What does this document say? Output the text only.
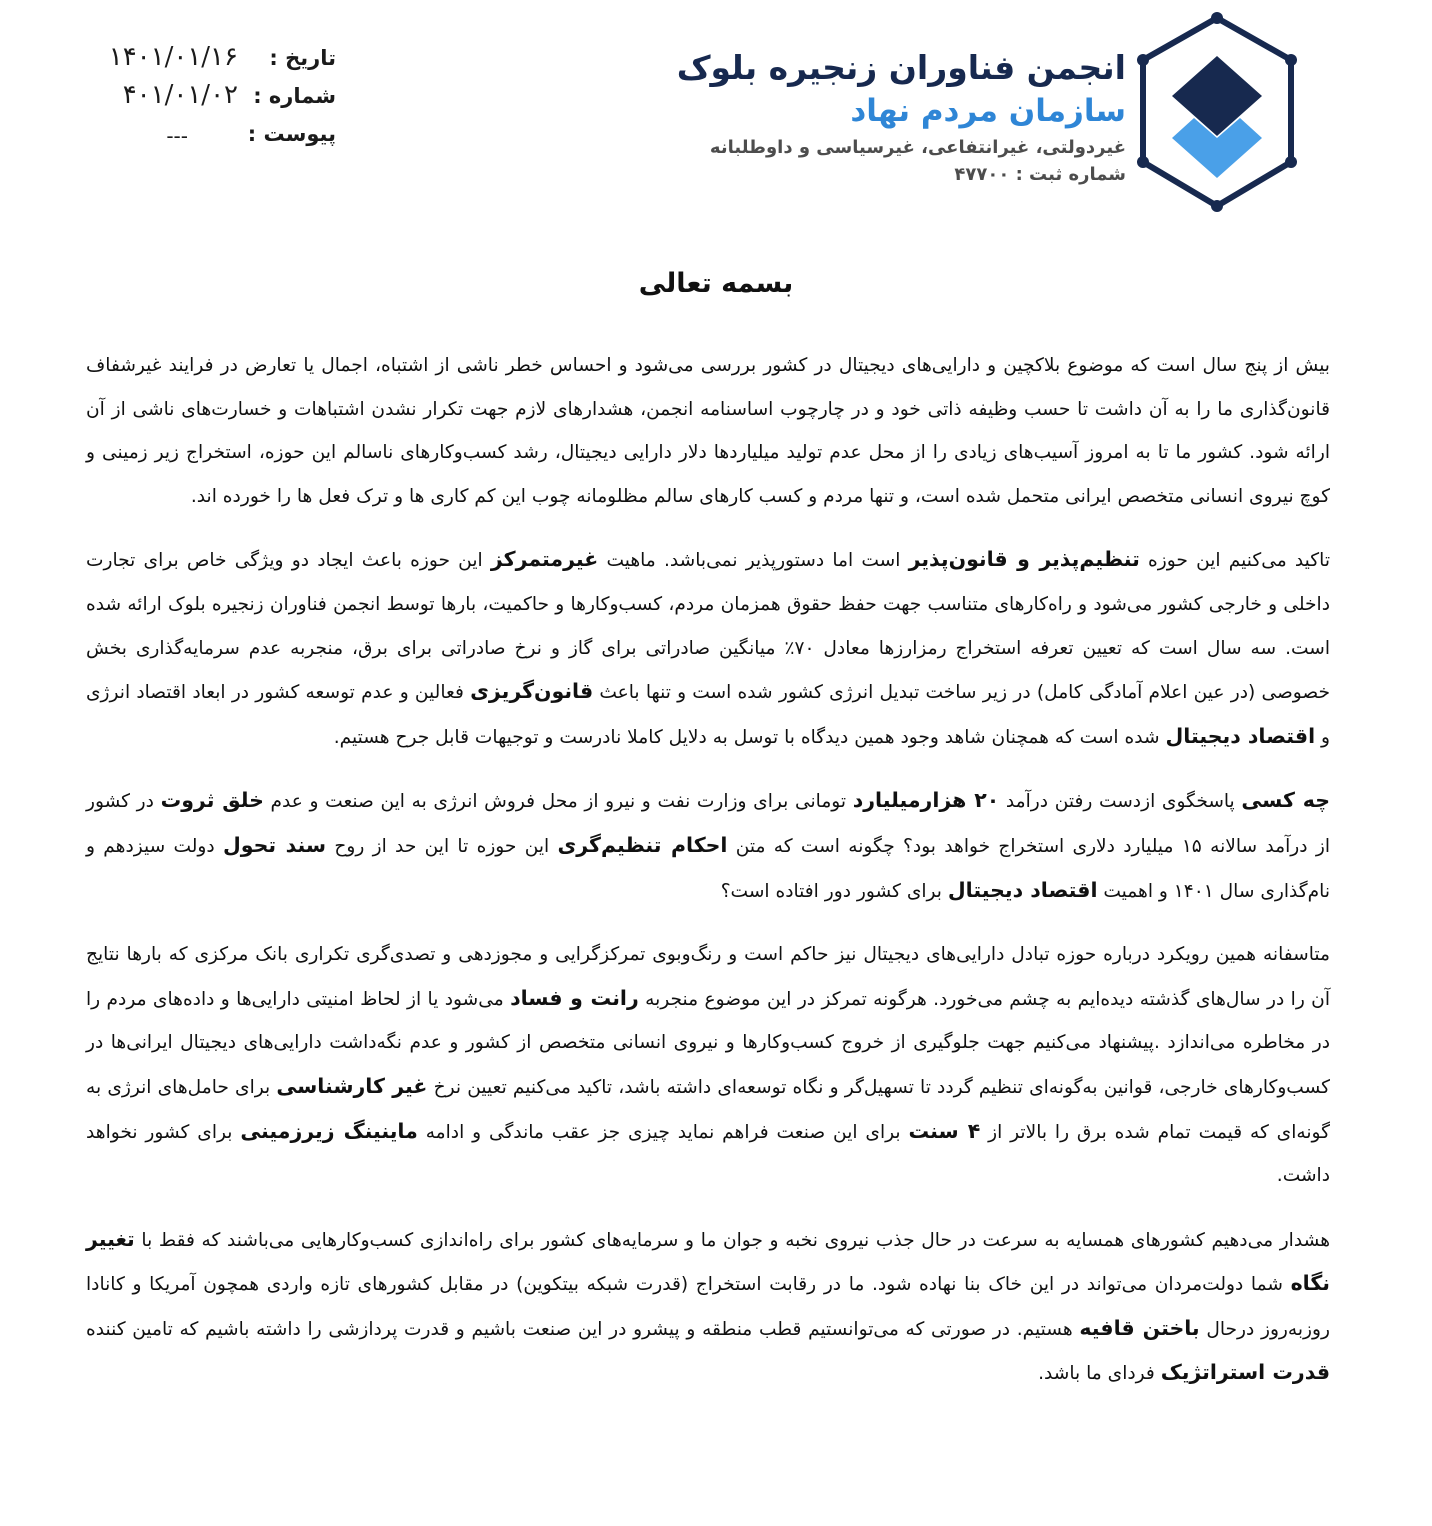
انجمن فناوران زنجیره بلوک
سازمان مردم نهاد
غیردولتی، غیرانتفاعی، غیرسیاسی و داوطلبانه
شماره ثبت : ۴۷۷۰۰
تاریخ :
۱۴۰۱/۰۱/۱۶
شماره :
۴۰۱/۰۱/۰۲
پیوست :
---
بسمه تعالی

بیش از پنج سال است که موضوع بلاکچین و دارایی‌های دیجیتال در کشور بررسی می‌شود و احساس خطر ناشی از اشتباه، اجمال یا تعارض در فرایند غیرشفاف قانون‌گذاری ما را به آن داشت تا حسب وظیفه ذاتی خود و در چارچوب اساسنامه انجمن، هشدارهای لازم جهت تکرار نشدن اشتباهات و خسارت‌های ناشی از آن ارائه شود. کشور ما تا به امروز آسیب‌های زیادی را از محل عدم تولید میلیاردها دلار دارایی دیجیتال، رشد کسب‌وکارهای ناسالم این حوزه، استخراج زیر زمینی و کوچ نیروی انسانی متخصص ایرانی متحمل شده است، و تنها مردم و کسب کارهای سالم مظلومانه چوب این کم کاری ها و ترک فعل ها را خورده اند.

تاکید می‌کنیم این حوزه تنظیم‌پذیر و قانون‌پذیر است اما دستورپذیر نمی‌باشد. ماهیت غیرمتمرکز این حوزه باعث ایجاد دو ویژگی خاص برای تجارت داخلی و خارجی کشور می‌شود و راه‌کارهای متناسب جهت حفظ حقوق همزمان مردم، کسب‌وکارها و حاکمیت، بارها توسط انجمن فناوران زنجیره بلوک ارائه شده است. سه سال است که تعیین تعرفه استخراج رمزارزها معادل ۷۰٪ میانگین صادراتی برای گاز و نرخ صادراتی برای برق، منجربه عدم سرمایه‌گذاری بخش خصوصی (در عین اعلام آمادگی کامل) در زیر ساخت تبدیل انرژی کشور شده است و تنها باعث قانون‌گریزی فعالین و عدم توسعه کشور در ابعاد اقتصاد انرژی و اقتصاد دیجیتال شده است که همچنان شاهد وجود همین دیدگاه با توسل به دلایل کاملا نادرست و توجیهات قابل جرح هستیم.

چه کسی پاسخگوی ازدست رفتن درآمد ۲۰ هزارمیلیارد تومانی برای وزارت نفت و نیرو از محل فروش انرژی به این صنعت و عدم خلق ثروت در کشور از درآمد سالانه ۱۵ میلیارد دلاری استخراج خواهد بود؟ چگونه است که متن احکام تنظیم‌گری این حوزه تا این حد از روح سند تحول دولت سیزدهم و نام‌گذاری سال ۱۴۰۱ و اهمیت اقتصاد دیجیتال برای کشور دور افتاده است؟

متاسفانه همین رویکرد درباره حوزه تبادل دارایی‌های دیجیتال نیز حاکم است و رنگ‌وبوی تمرکزگرایی و مجوزدهی و تصدی‌گری تکراری بانک مرکزی که بارها نتایج آن را در سال‌های گذشته دیده‌ایم به چشم می‌خورد. هرگونه تمرکز در این موضوع منجربه رانت و فساد می‌شود یا از لحاظ امنیتی دارایی‌ها و داده‌های مردم را در مخاطره می‌اندازد .پیشنهاد می‌کنیم جهت جلوگیری از خروج کسب‌وکارها و نیروی انسانی متخصص از کشور و عدم نگه‌داشت دارایی‌های دیجیتال ایرانی‌ها در کسب‌وکارهای خارجی، قوانین به‌گونه‌ای تنظیم گردد تا تسهیل‌گر و نگاه توسعه‌ای داشته باشد، تاکید می‌کنیم تعیین نرخ غیر کارشناسی برای حامل‌های انرژی به گونه‌ای که قیمت تمام شده برق را بالاتر از ۴ سنت برای این صنعت فراهم نماید چیزی جز عقب ماندگی و ادامه ماینینگ زیرزمینی برای کشور نخواهد داشت.

هشدار می‌دهیم کشورهای همسایه به سرعت در حال جذب نیروی نخبه و جوان ما و سرمایه‌های کشور برای راه‌اندازی کسب‌وکارهایی می‌باشند که فقط با تغییر نگاه شما دولت‌مردان می‌تواند در این خاک بنا نهاده شود. ما در رقابت استخراج (قدرت شبکه بیتکوین) در مقابل کشورهای تازه واردی همچون آمریکا و کانادا روزبه‌روز درحال باختن قافیه هستیم. در صورتی که می‌توانستیم قطب منطقه و پیشرو در این صنعت باشیم و قدرت پردازشی را داشته باشیم که تامین کننده قدرت استراتژیک فردای ما باشد.
